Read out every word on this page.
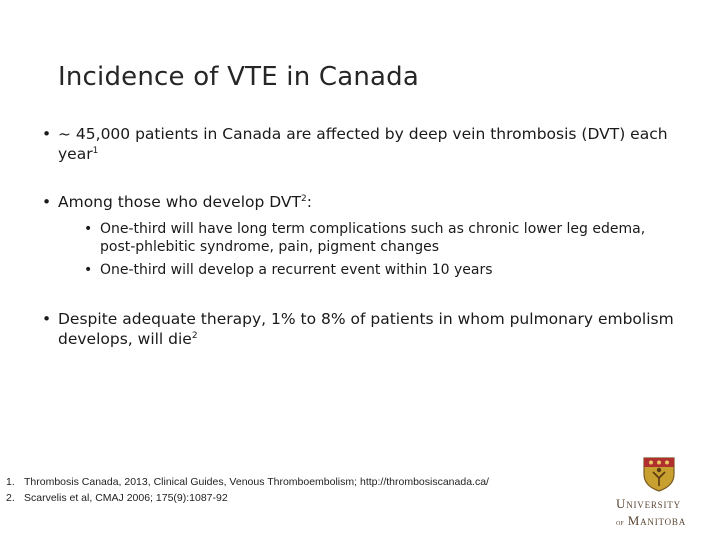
Incidence of VTE in Canada
• ~ 45,000 patients in Canada are affected by deep vein thrombosis (DVT) each year$^1$
• Among those who develop DVT$^2$:
• One-third will have long term complications such as chronic lower leg edema, post-phlebitic syndrome, pain, pigment changes
• One-third will develop a recurrent event within 10 years
• Despite adequate therapy, 1% to 8% of patients in whom pulmonary embolism develops, will die$^2$
1. Thrombosis Canada, 2013, Clinical Guides, Venous Thromboembolism; http://thrombosiscanada.ca/
2. Scarvelis et al, CMAJ 2006; 175(9):1087-92	University
of Manitoba
